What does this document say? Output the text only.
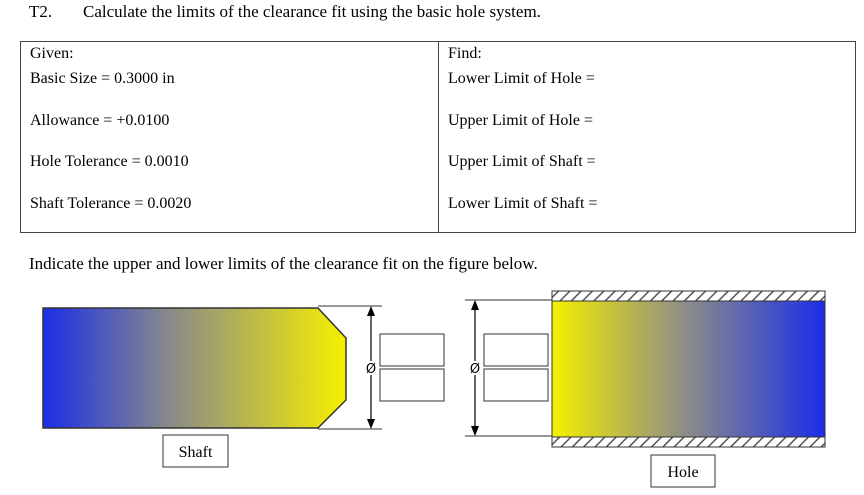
T2. Calculate the limits of the clearance fit using the basic hole system.
Given:
Basic Size = 0.3000 in
Allowance = +0.0100
Hole Tolerance = 0.0010
Shaft Tolerance = 0.0020

Find:
Lower Limit of Hole =
Upper Limit of Hole =
Upper Limit of Shaft =
Lower Limit of Shaft =
Indicate the upper and lower limits of the clearance fit on the figure below.
Ø
Shaft
Ø
Hole
